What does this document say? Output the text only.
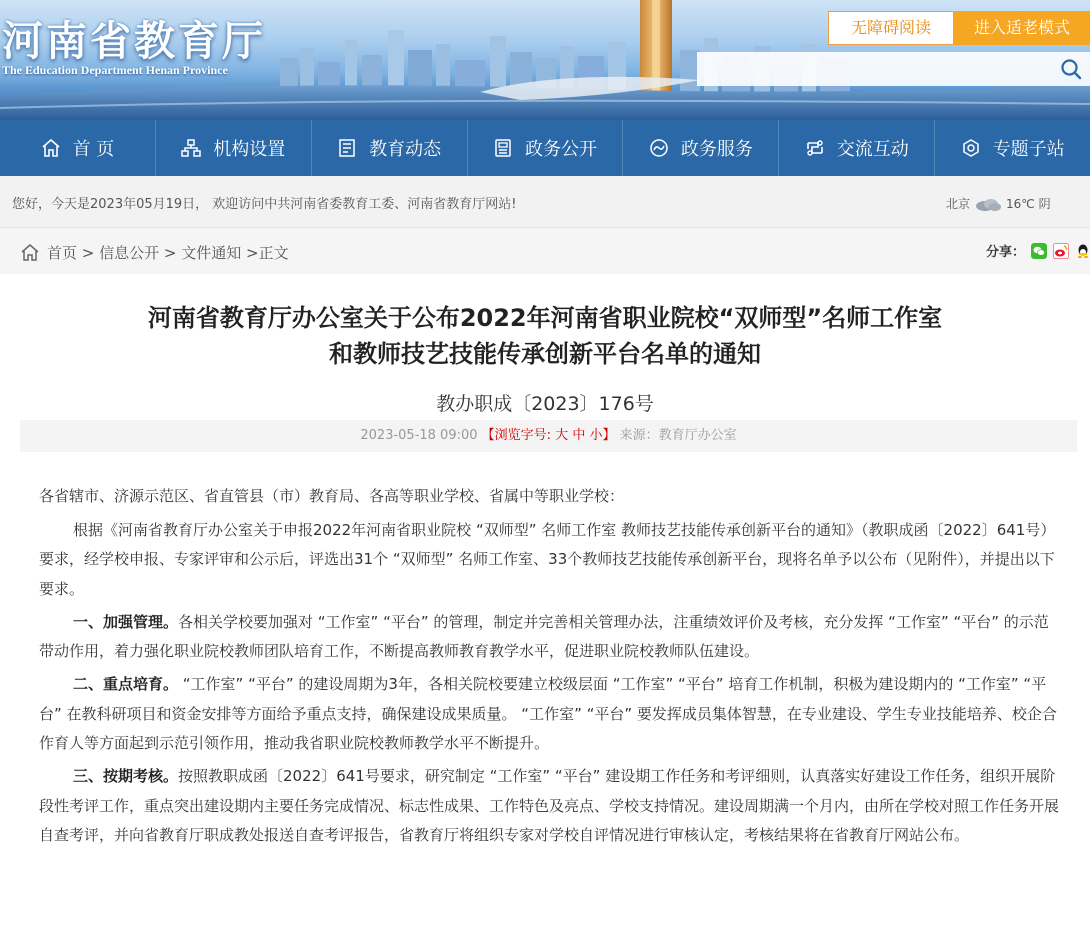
河南省教育厅
The Education Department Henan Province
无障碍阅读	进入适老模式
首 页	机构设置	教育动态	政务公开	政务服务	交流互动	专题子站
您好，今天是2023年05月19日， 欢迎访问中共河南省委教育工委、河南省教育厅网站!	北京	16℃ 阴
首页 > 信息公开 > 文件通知 >正文	分享：
河南省教育厅办公室关于公布2022年河南省职业院校“双师型”名师工作室
和教师技艺技能传承创新平台名单的通知
教办职成〔2023〕176号
2023-05-18 09:00 【浏览字号: 大 中 小】 来源：教育厅办公室

各省辖市、济源示范区、省直管县（市）教育局、各高等职业学校、省属中等职业学校：

根据《河南省教育厅办公室关于申报2022年河南省职业院校 “双师型” 名师工作室 教师技艺技能传承创新平台的通知》（教职成函〔2022〕641号）要求，经学校申报、专家评审和公示后，评选出31个 “双师型” 名师工作室、33个教师技艺技能传承创新平台，现将名单予以公布（见附件），并提出以下要求。

一、加强管理。各相关学校要加强对 “工作室” “平台” 的管理，制定并完善相关管理办法，注重绩效评价及考核，充分发挥 “工作室” “平台” 的示范带动作用，着力强化职业院校教师团队培育工作，不断提高教师教育教学水平，促进职业院校教师队伍建设。

二、重点培育。 “工作室” “平台” 的建设周期为3年，各相关院校要建立校级层面 “工作室” “平台” 培育工作机制，积极为建设期内的 “工作室” “平台” 在教科研项目和资金安排等方面给予重点支持，确保建设成果质量。 “工作室” “平台” 要发挥成员集体智慧，在专业建设、学生专业技能培养、校企合作育人等方面起到示范引领作用，推动我省职业院校教师教学水平不断提升。

三、按期考核。按照教职成函〔2022〕641号要求，研究制定 “工作室” “平台” 建设期工作任务和考评细则，认真落实好建设工作任务，组织开展阶段性考评工作，重点突出建设期内主要任务完成情况、标志性成果、工作特色及亮点、学校支持情况。建设周期满一个月内，由所在学校对照工作任务开展自查考评，并向省教育厅职成教处报送自查考评报告，省教育厅将组织专家对学校自评情况进行审核认定，考核结果将在省教育厅网站公布。
